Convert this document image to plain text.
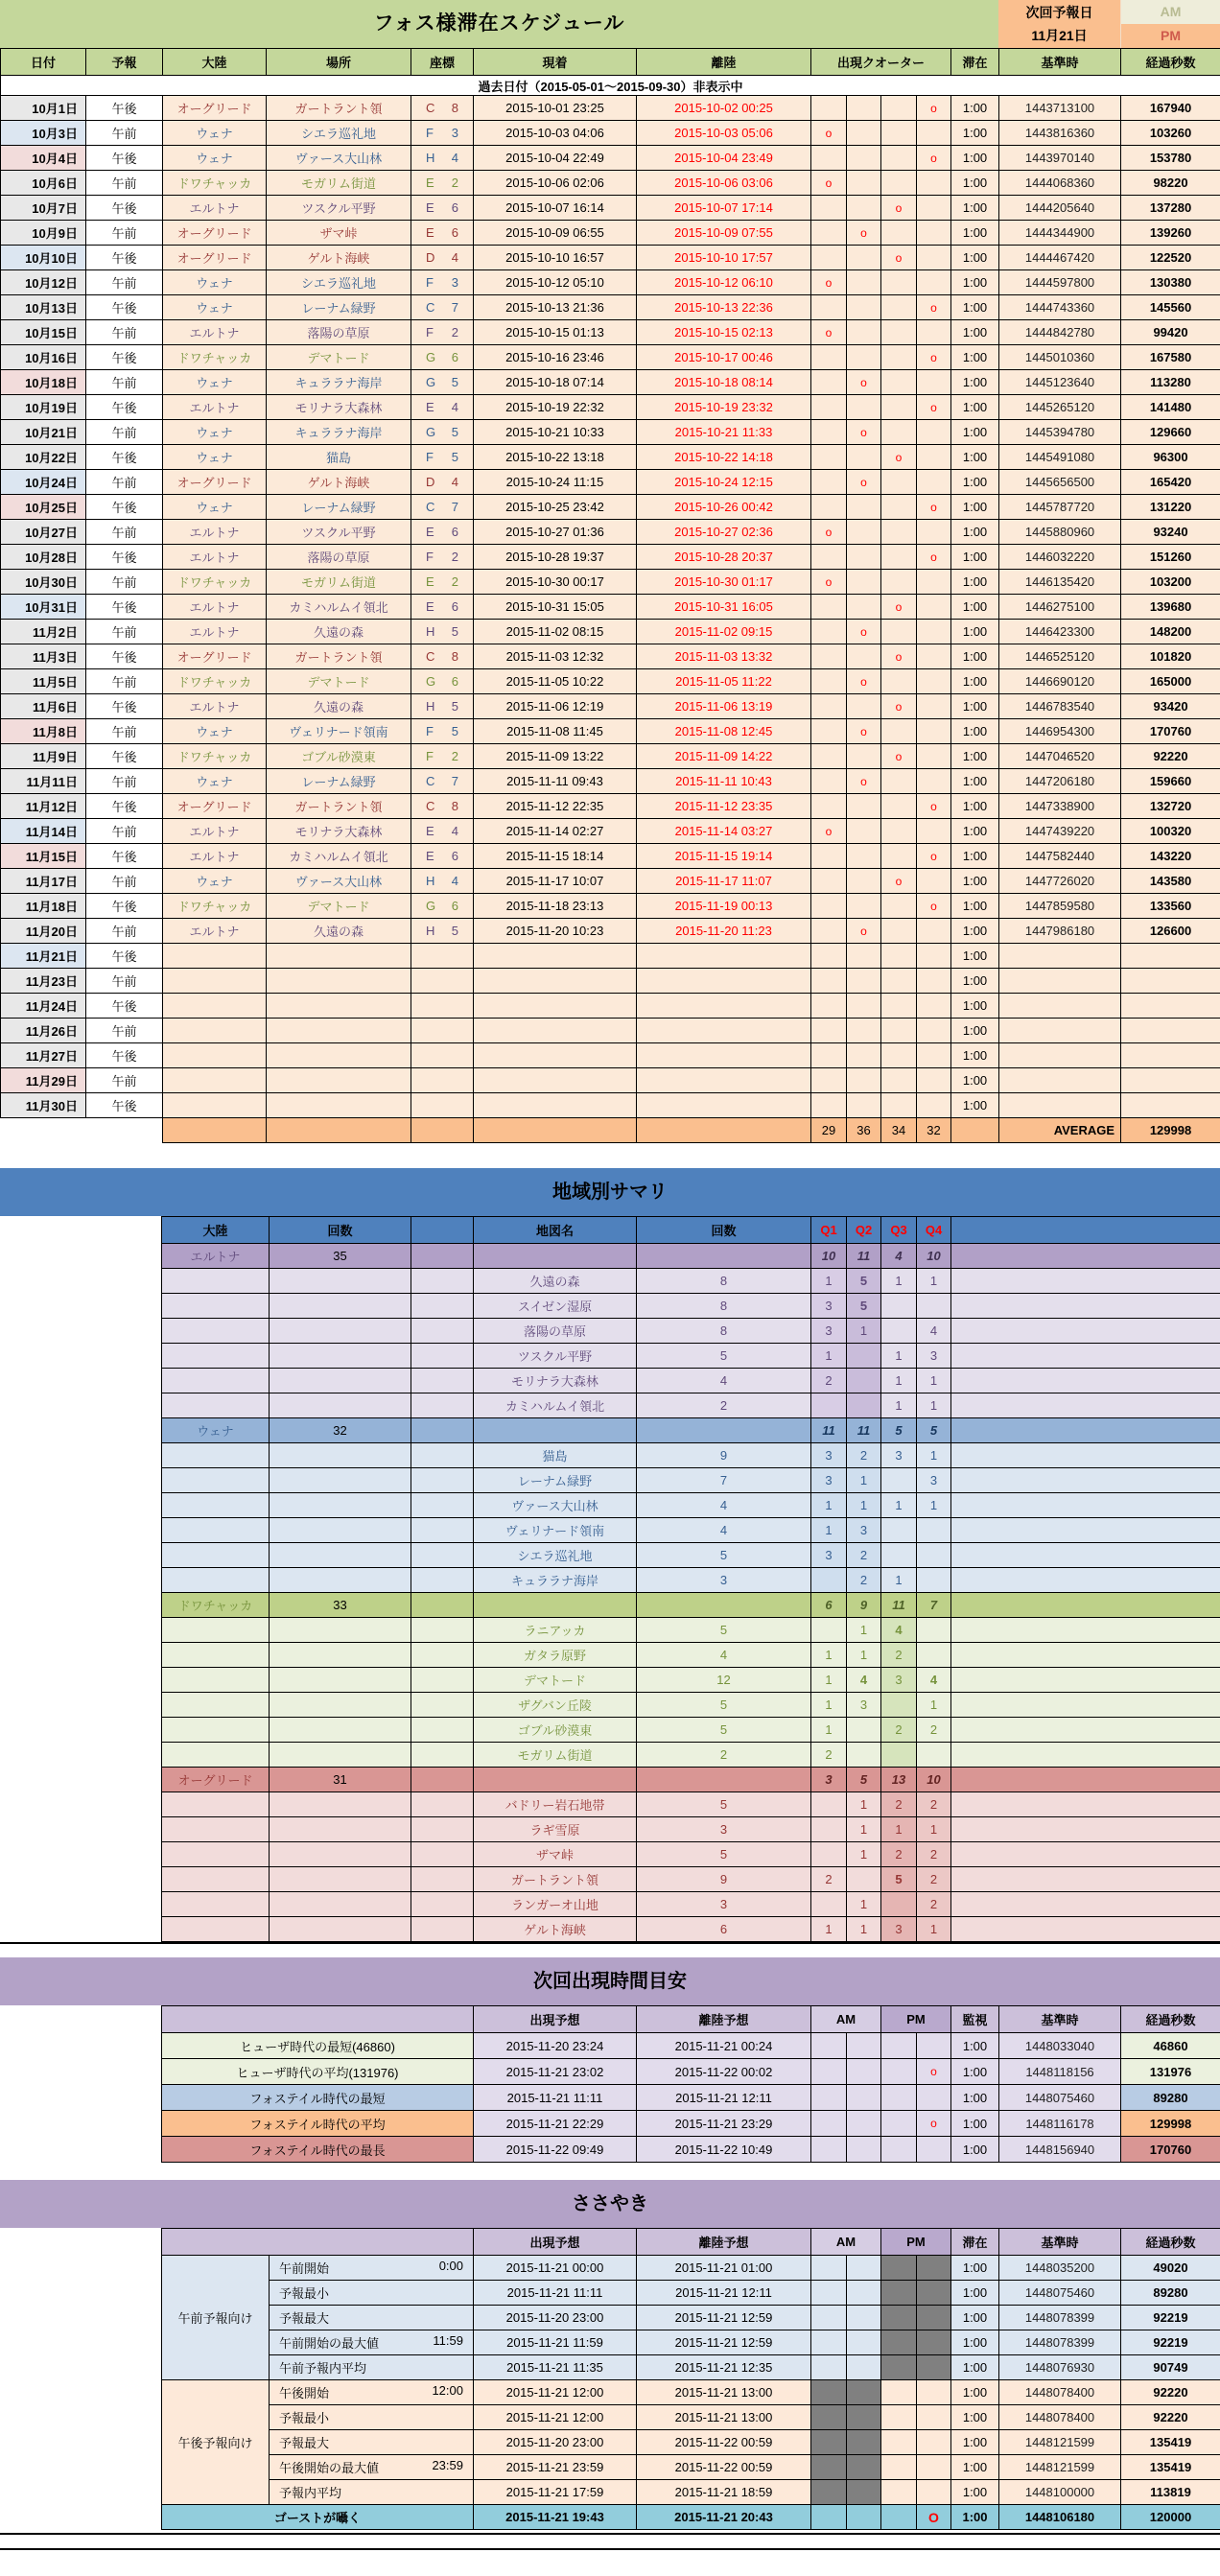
フォス様滞在スケジュール	次回予報日
11月21日
AM
PM
日付	予報	大陸	場所	座標	現着	離陸	出現クオーター				滞在	基準時	経過秒数
過去日付（2015-05-01～2015-09-30）非表示中													
10月1日	午後	オーグリード	ガートラント領	C 8	2015-10-01 23:25	2015-10-02 00:25				o	1:00	1443713100	167940
10月3日	午前	ウェナ	シエラ巡礼地	F 3	2015-10-03 04:06	2015-10-03 05:06	o				1:00	1443816360	103260
10月4日	午後	ウェナ	ヴァース大山林	H 4	2015-10-04 22:49	2015-10-04 23:49				o	1:00	1443970140	153780
10月6日	午前	ドワチャッカ	モガリム街道	E 2	2015-10-06 02:06	2015-10-06 03:06	o				1:00	1444068360	98220
10月7日	午後	エルトナ	ツスクル平野	E 6	2015-10-07 16:14	2015-10-07 17:14			o		1:00	1444205640	137280
10月9日	午前	オーグリード	ザマ峠	E 6	2015-10-09 06:55	2015-10-09 07:55		o			1:00	1444344900	139260
10月10日	午後	オーグリード	ゲルト海峡	D 4	2015-10-10 16:57	2015-10-10 17:57			o		1:00	1444467420	122520
10月12日	午前	ウェナ	シエラ巡礼地	F 3	2015-10-12 05:10	2015-10-12 06:10	o				1:00	1444597800	130380
10月13日	午後	ウェナ	レーナム緑野	C 7	2015-10-13 21:36	2015-10-13 22:36				o	1:00	1444743360	145560
10月15日	午前	エルトナ	落陽の草原	F 2	2015-10-15 01:13	2015-10-15 02:13	o				1:00	1444842780	99420
10月16日	午後	ドワチャッカ	デマトード	G 6	2015-10-16 23:46	2015-10-17 00:46				o	1:00	1445010360	167580
10月18日	午前	ウェナ	キュララナ海岸	G 5	2015-10-18 07:14	2015-10-18 08:14		o			1:00	1445123640	113280
10月19日	午後	エルトナ	モリナラ大森林	E 4	2015-10-19 22:32	2015-10-19 23:32				o	1:00	1445265120	141480
10月21日	午前	ウェナ	キュララナ海岸	G 5	2015-10-21 10:33	2015-10-21 11:33		o			1:00	1445394780	129660
10月22日	午後	ウェナ	猫島	F 5	2015-10-22 13:18	2015-10-22 14:18			o		1:00	1445491080	96300
10月24日	午前	オーグリード	ゲルト海峡	D 4	2015-10-24 11:15	2015-10-24 12:15		o			1:00	1445656500	165420
10月25日	午後	ウェナ	レーナム緑野	C 7	2015-10-25 23:42	2015-10-26 00:42				o	1:00	1445787720	131220
10月27日	午前	エルトナ	ツスクル平野	E 6	2015-10-27 01:36	2015-10-27 02:36	o				1:00	1445880960	93240
10月28日	午後	エルトナ	落陽の草原	F 2	2015-10-28 19:37	2015-10-28 20:37				o	1:00	1446032220	151260
10月30日	午前	ドワチャッカ	モガリム街道	E 2	2015-10-30 00:17	2015-10-30 01:17	o				1:00	1446135420	103200
10月31日	午後	エルトナ	カミハルムイ領北	E 6	2015-10-31 15:05	2015-10-31 16:05			o		1:00	1446275100	139680
11月2日	午前	エルトナ	久遠の森	H 5	2015-11-02 08:15	2015-11-02 09:15		o			1:00	1446423300	148200
11月3日	午後	オーグリード	ガートラント領	C 8	2015-11-03 12:32	2015-11-03 13:32			o		1:00	1446525120	101820
11月5日	午前	ドワチャッカ	デマトード	G 6	2015-11-05 10:22	2015-11-05 11:22		o			1:00	1446690120	165000
11月6日	午後	エルトナ	久遠の森	H 5	2015-11-06 12:19	2015-11-06 13:19			o		1:00	1446783540	93420
11月8日	午前	ウェナ	ヴェリナード領南	F 5	2015-11-08 11:45	2015-11-08 12:45		o			1:00	1446954300	170760
11月9日	午後	ドワチャッカ	ゴブル砂漠東	F 2	2015-11-09 13:22	2015-11-09 14:22			o		1:00	1447046520	92220
11月11日	午前	ウェナ	レーナム緑野	C 7	2015-11-11 09:43	2015-11-11 10:43		o			1:00	1447206180	159660
11月12日	午後	オーグリード	ガートラント領	C 8	2015-11-12 22:35	2015-11-12 23:35				o	1:00	1447338900	132720
11月14日	午前	エルトナ	モリナラ大森林	E 4	2015-11-14 02:27	2015-11-14 03:27	o				1:00	1447439220	100320
11月15日	午後	エルトナ	カミハルムイ領北	E 6	2015-11-15 18:14	2015-11-15 19:14				o	1:00	1447582440	143220
11月17日	午前	ウェナ	ヴァース大山林	H 4	2015-11-17 10:07	2015-11-17 11:07			o		1:00	1447726020	143580
11月18日	午後	ドワチャッカ	デマトード	G 6	2015-11-18 23:13	2015-11-19 00:13				o	1:00	1447859580	133560
11月20日	午前	エルトナ	久遠の森	H 5	2015-11-20 10:23	2015-11-20 11:23		o			1:00	1447986180	126600
11月21日	午後										1:00		
11月23日	午前										1:00		
11月24日	午後										1:00		
11月26日	午前										1:00		
11月27日	午後										1:00		
11月29日	午前										1:00		
11月30日	午後										1:00		
							29	36	34	32		AVERAGE	129998
地域別サマリ
大陸	回数		地図名	回数	Q1	Q2	Q3	Q4	
エルトナ	35				10	11	4	10	
			久遠の森	8	1	5	1	1	
			スイゼン湿原	8	3	5			
			落陽の草原	8	3	1		4	
			ツスクル平野	5	1		1	3	
			モリナラ大森林	4	2		1	1	
			カミハルムイ領北	2			1	1	
ウェナ	32				11	11	5	5	
			猫島	9	3	2	3	1	
			レーナム緑野	7	3	1		3	
			ヴァース大山林	4	1	1	1	1	
			ヴェリナード領南	4	1	3			
			シエラ巡礼地	5	3	2			
			キュララナ海岸	3		2	1		
ドワチャッカ	33				6	9	11	7	
			ラニアッカ	5		1	4		
			ガタラ原野	4	1	1	2		
			デマトード	12	1	4	3	4	
			ザグバン丘陵	5	1	3		1	
			ゴブル砂漠東	5	1		2	2	
			モガリム街道	2	2				
オーグリード	31				3	5	13	10	
			バドリー岩石地帯	5		1	2	2	
			ラギ雪原	3		1	1	1	
			ザマ峠	5		1	2	2	
			ガートラント領	9	2		5	2	
			ランガーオ山地	3		1		2	
			ゲルト海峡	6	1	1	3	1	
次回出現時間目安
	出現予想	離陸予想	AM		PM		監視	基準時	経過秒数
ヒューザ時代の最短(46860)	2015-11-20 23:24	2015-11-21 00:24					1:00	1448033040	46860
ヒューザ時代の平均(131976)	2015-11-21 23:02	2015-11-22 00:02				o	1:00	1448118156	131976
フォステイル時代の最短	2015-11-21 11:11	2015-11-21 12:11					1:00	1448075460	89280
フォステイル時代の平均	2015-11-21 22:29	2015-11-21 23:29				o	1:00	1448116178	129998
フォステイル時代の最長	2015-11-22 09:49	2015-11-22 10:49					1:00	1448156940	170760
ささやき
		出現予想	離陸予想	AM		PM		滞在	基準時	経過秒数
午前予報向け	午前開始 0:00	2015-11-21 00:00	2015-11-21 01:00					1:00	1448035200	49020

	予報最小	2015-11-21 11:11	2015-11-21 12:11					1:00	1448075460	89280

	予報最大	2015-11-20 23:00	2015-11-21 12:59					1:00	1448078399	92219

	午前開始の最大値 11:59	2015-11-21 11:59	2015-11-21 12:59					1:00	1448078399	92219

	午前予報内平均	2015-11-21 11:35	2015-11-21 12:35					1:00	1448076930	90749
午後予報向け	午後開始 12:00	2015-11-21 12:00	2015-11-21 13:00					1:00	1448078400	92220

	予報最小	2015-11-21 12:00	2015-11-21 13:00					1:00	1448078400	92220

	予報最大	2015-11-20 23:00	2015-11-22 00:59					1:00	1448121599	135419

	午後開始の最大値 23:59	2015-11-21 23:59	2015-11-22 00:59					1:00	1448121599	135419

	予報内平均	2015-11-21 17:59	2015-11-21 18:59					1:00	1448100000	113819
ゴーストが囁く		2015-11-21 19:43	2015-11-21 20:43				O	1:00	1448106180	120000
